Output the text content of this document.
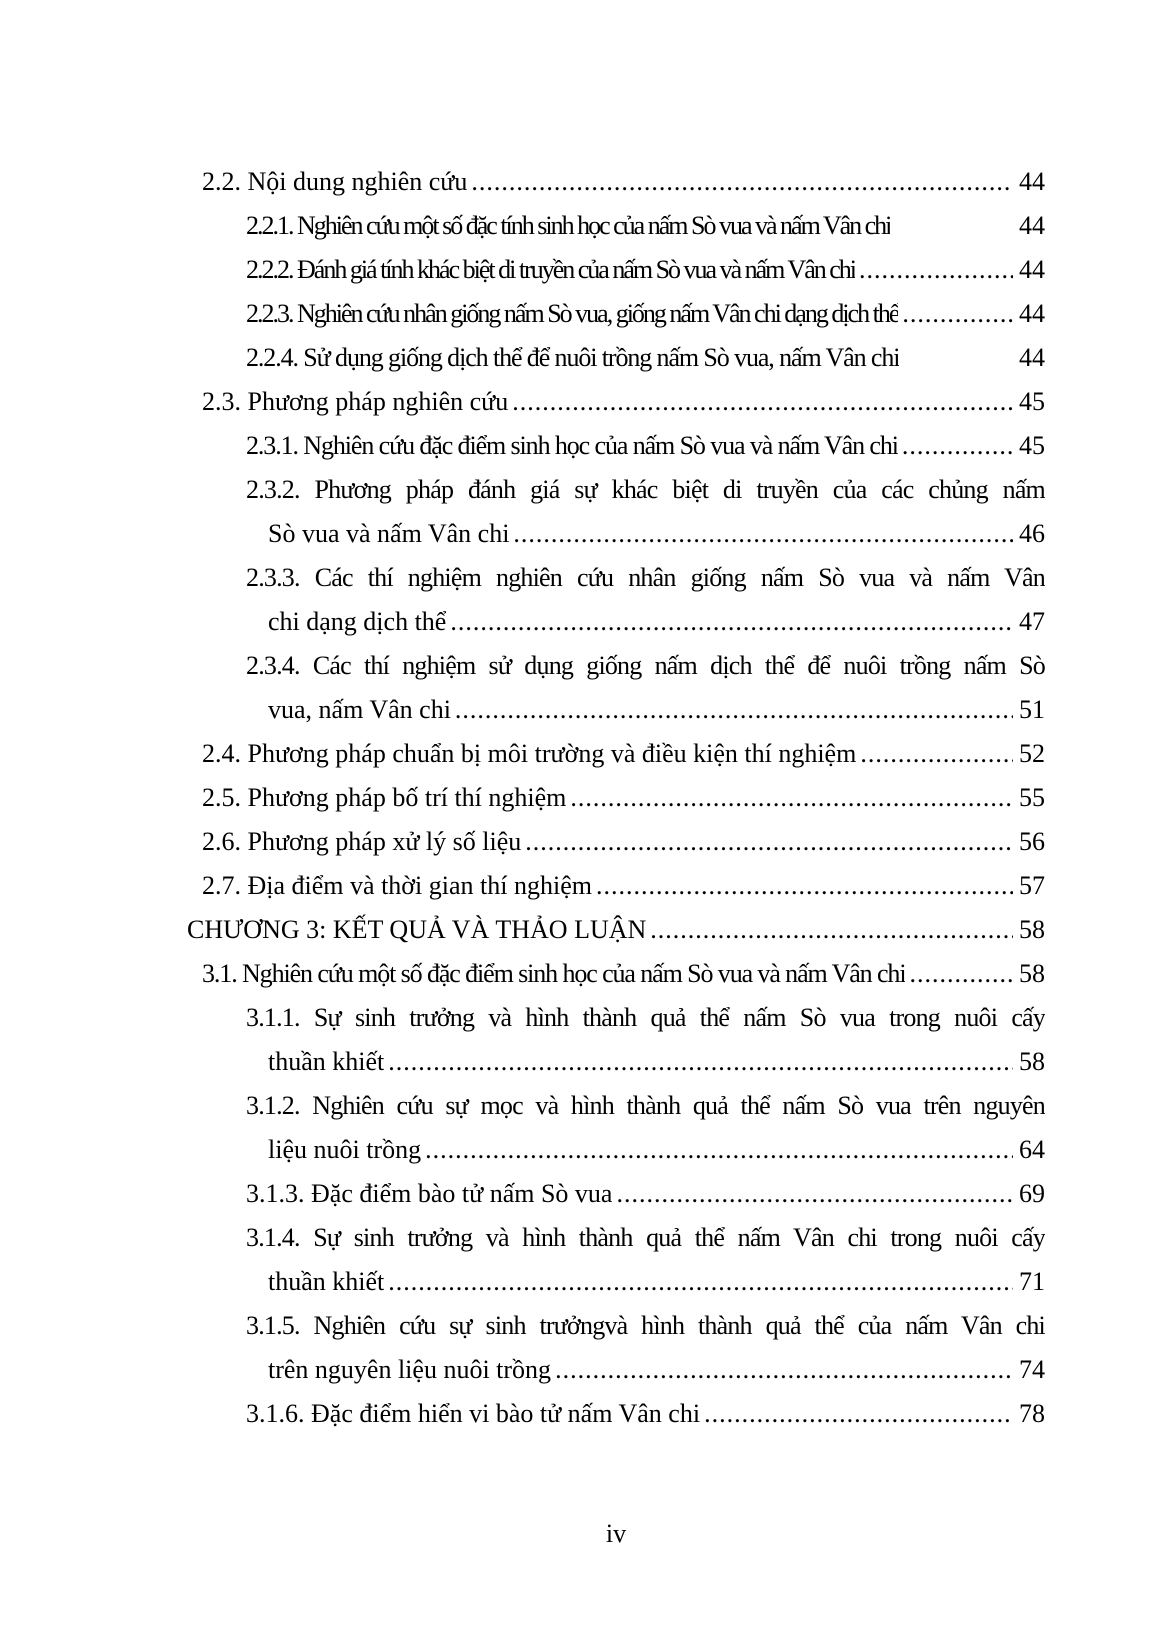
2.2. Nội dung nghiên cứu .....	44
2.2.1. Nghiên cứu một số đặc tính sinh học của nấm Sò vua và nấm Vân chi	44
2.2.2. Đánh giá tính khác biệt di truyền của nấm Sò vua và nấm Vân chi .....	44
2.2.3. Nghiên cứu nhân giống nấm Sò vua, giống nấm Vân chi dạng dịch thể .....	44
2.2.4. Sử dụng giống dịch thể để nuôi trồng nấm Sò vua, nấm Vân chi	44
2.3. Phương pháp nghiên cứu .....	45
2.3.1. Nghiên cứu đặc điểm sinh học của nấm Sò vua và nấm Vân chi .....	45
2.3.2. Phương pháp đánh giá sự khác biệt di truyền của các chủng nấm
Sò vua và nấm Vân chi .....	46
2.3.3. Các thí nghiệm nghiên cứu nhân giống nấm Sò vua và nấm Vân
chi dạng dịch thể .....	47
2.3.4. Các thí nghiệm sử dụng giống nấm dịch thể để nuôi trồng nấm Sò
vua, nấm Vân chi .....	51
2.4. Phương pháp chuẩn bị môi trường và điều kiện thí nghiệm .....	52
2.5. Phương pháp bố trí thí nghiệm .....	55
2.6. Phương pháp xử lý số liệu .....	56
2.7. Địa điểm và thời gian thí nghiệm .....	57
CHƯƠNG 3: KẾT QUẢ VÀ THẢO LUẬN .....	58
3.1. Nghiên cứu một số đặc điểm sinh học của nấm Sò vua và nấm Vân chi .....	58
3.1.1. Sự sinh trưởng và hình thành quả thể nấm Sò vua trong nuôi cấy
thuần khiết .....	58
3.1.2. Nghiên cứu sự mọc và hình thành quả thể nấm Sò vua trên nguyên
liệu nuôi trồng .....	64
3.1.3. Đặc điểm bào tử nấm Sò vua .....	69
3.1.4. Sự sinh trưởng và hình thành quả thể nấm Vân chi trong nuôi cấy
thuần khiết .....	71
3.1.5. Nghiên cứu sự sinh trưởngvà hình thành quả thể của nấm Vân chi
trên nguyên liệu nuôi trồng .....	74
3.1.6. Đặc điểm hiển vi bào tử nấm Vân chi .....	78
iv
